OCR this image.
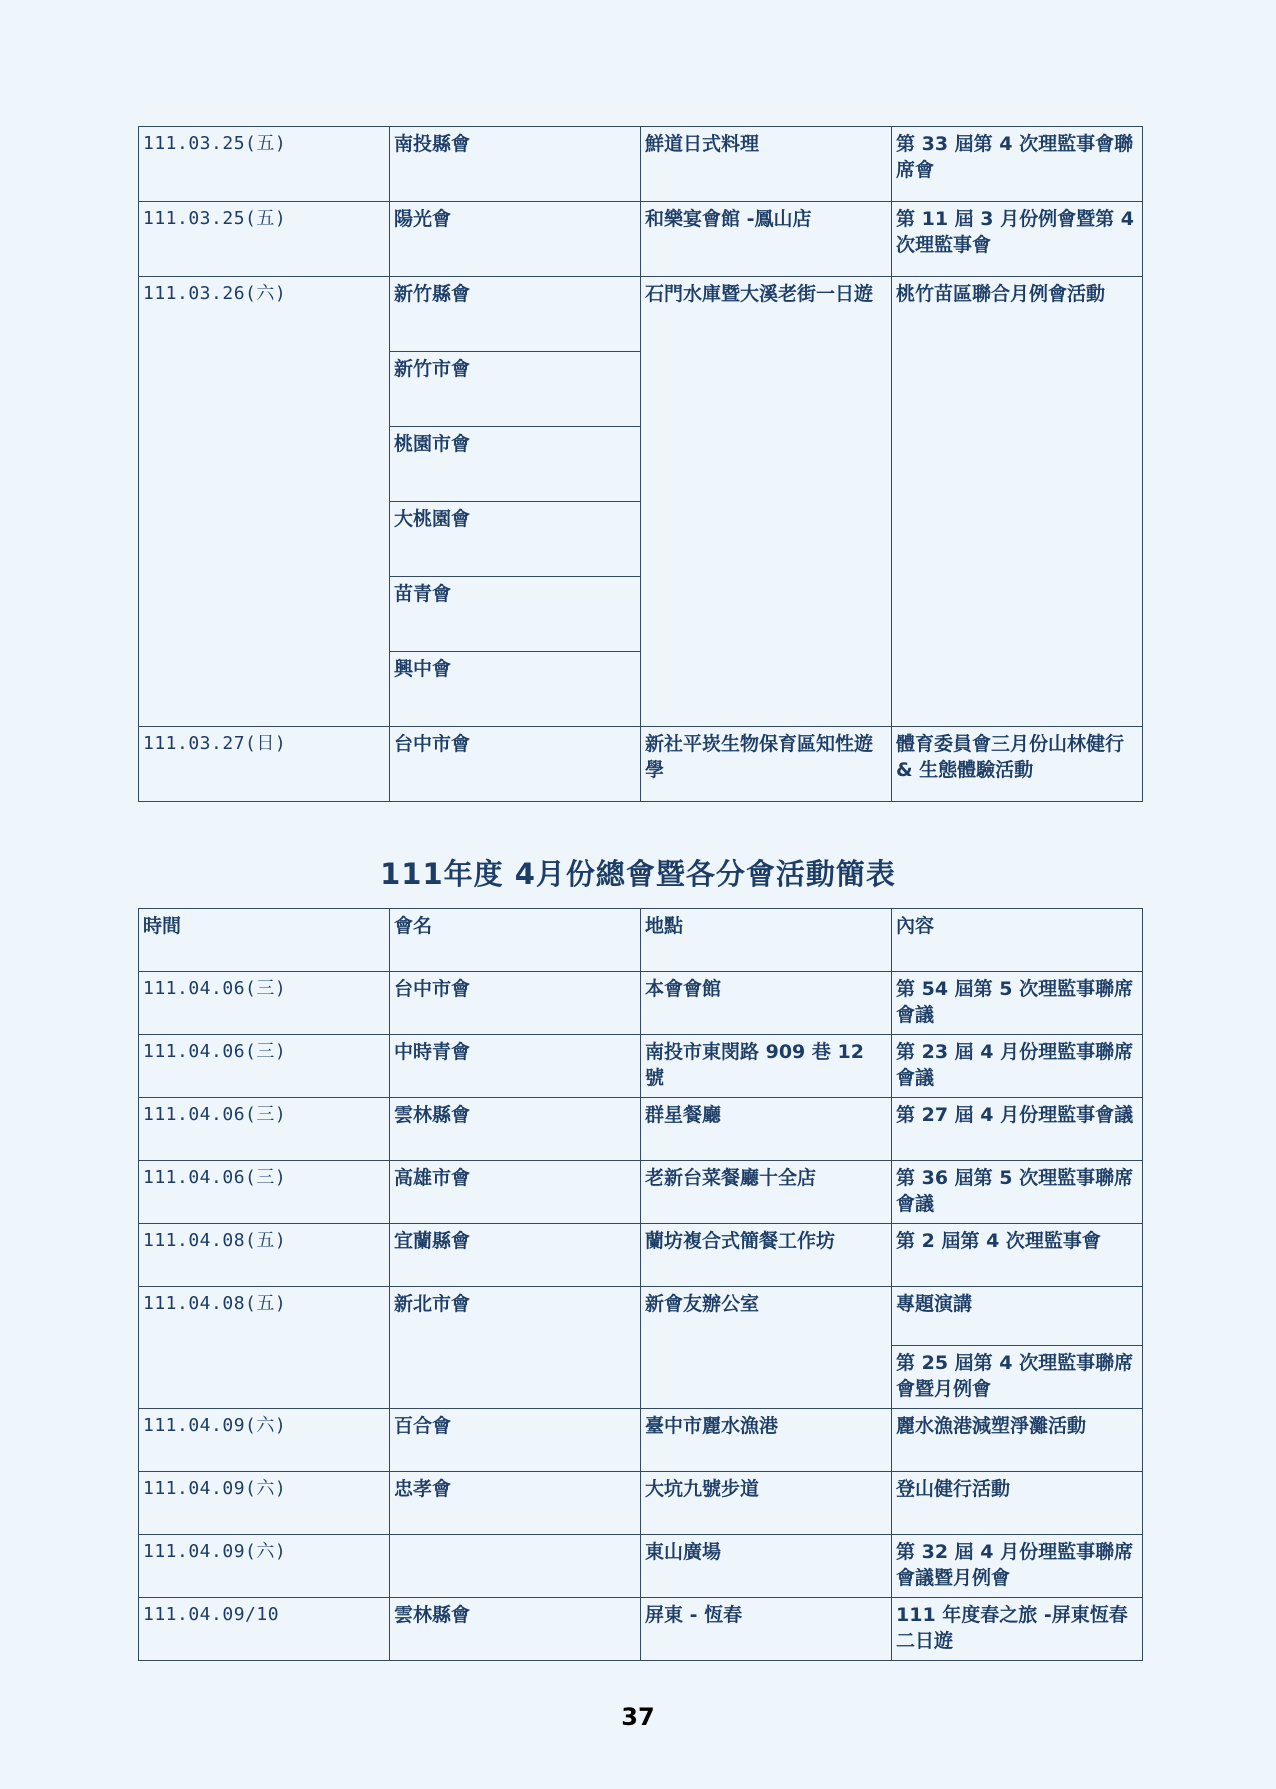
111.03.25(五)	南投縣會	鮮道日式料理	第 33 屆第 4 次理監事會聯席會
111.03.25(五)	陽光會	和樂宴會館 -鳳山店	第 11 屆 3 月份例會暨第 4 次理監事會
111.03.26(六)	新竹縣會	石門水庫暨大溪老街一日遊	桃竹苗區聯合月例會活動
	新竹市會		
	桃園市會		
	大桃園會		
	苗青會		
	興中會		
111.03.27(日)	台中市會	新社平崁生物保育區知性遊學	體育委員會三月份山林健行& 生態體驗活動
111年度 4月份總會暨各分會活動簡表
時間	會名	地點	內容
111.04.06(三)	台中市會	本會會館	第 54 屆第 5 次理監事聯席會議
111.04.06(三)	中時青會	南投市東閔路 909 巷 12 號	第 23 屆 4 月份理監事聯席會議
111.04.06(三)	雲林縣會	群星餐廳	第 27 屆 4 月份理監事會議
111.04.06(三)	高雄市會	老新台菜餐廳十全店	第 36 屆第 5 次理監事聯席會議
111.04.08(五)	宜蘭縣會	蘭坊複合式簡餐工作坊	第 2 屆第 4 次理監事會
111.04.08(五)	新北市會	新會友辦公室	專題演講
			第 25 屆第 4 次理監事聯席會暨月例會
111.04.09(六)	百合會	臺中市麗水漁港	麗水漁港減塑淨灘活動
111.04.09(六)	忠孝會	大坑九號步道	登山健行活動
111.04.09(六)		東山廣場	第 32 屆 4 月份理監事聯席會議暨月例會
111.04.09/10	雲林縣會	屏東 - 恆春	111 年度春之旅 -屏東恆春二日遊
37
